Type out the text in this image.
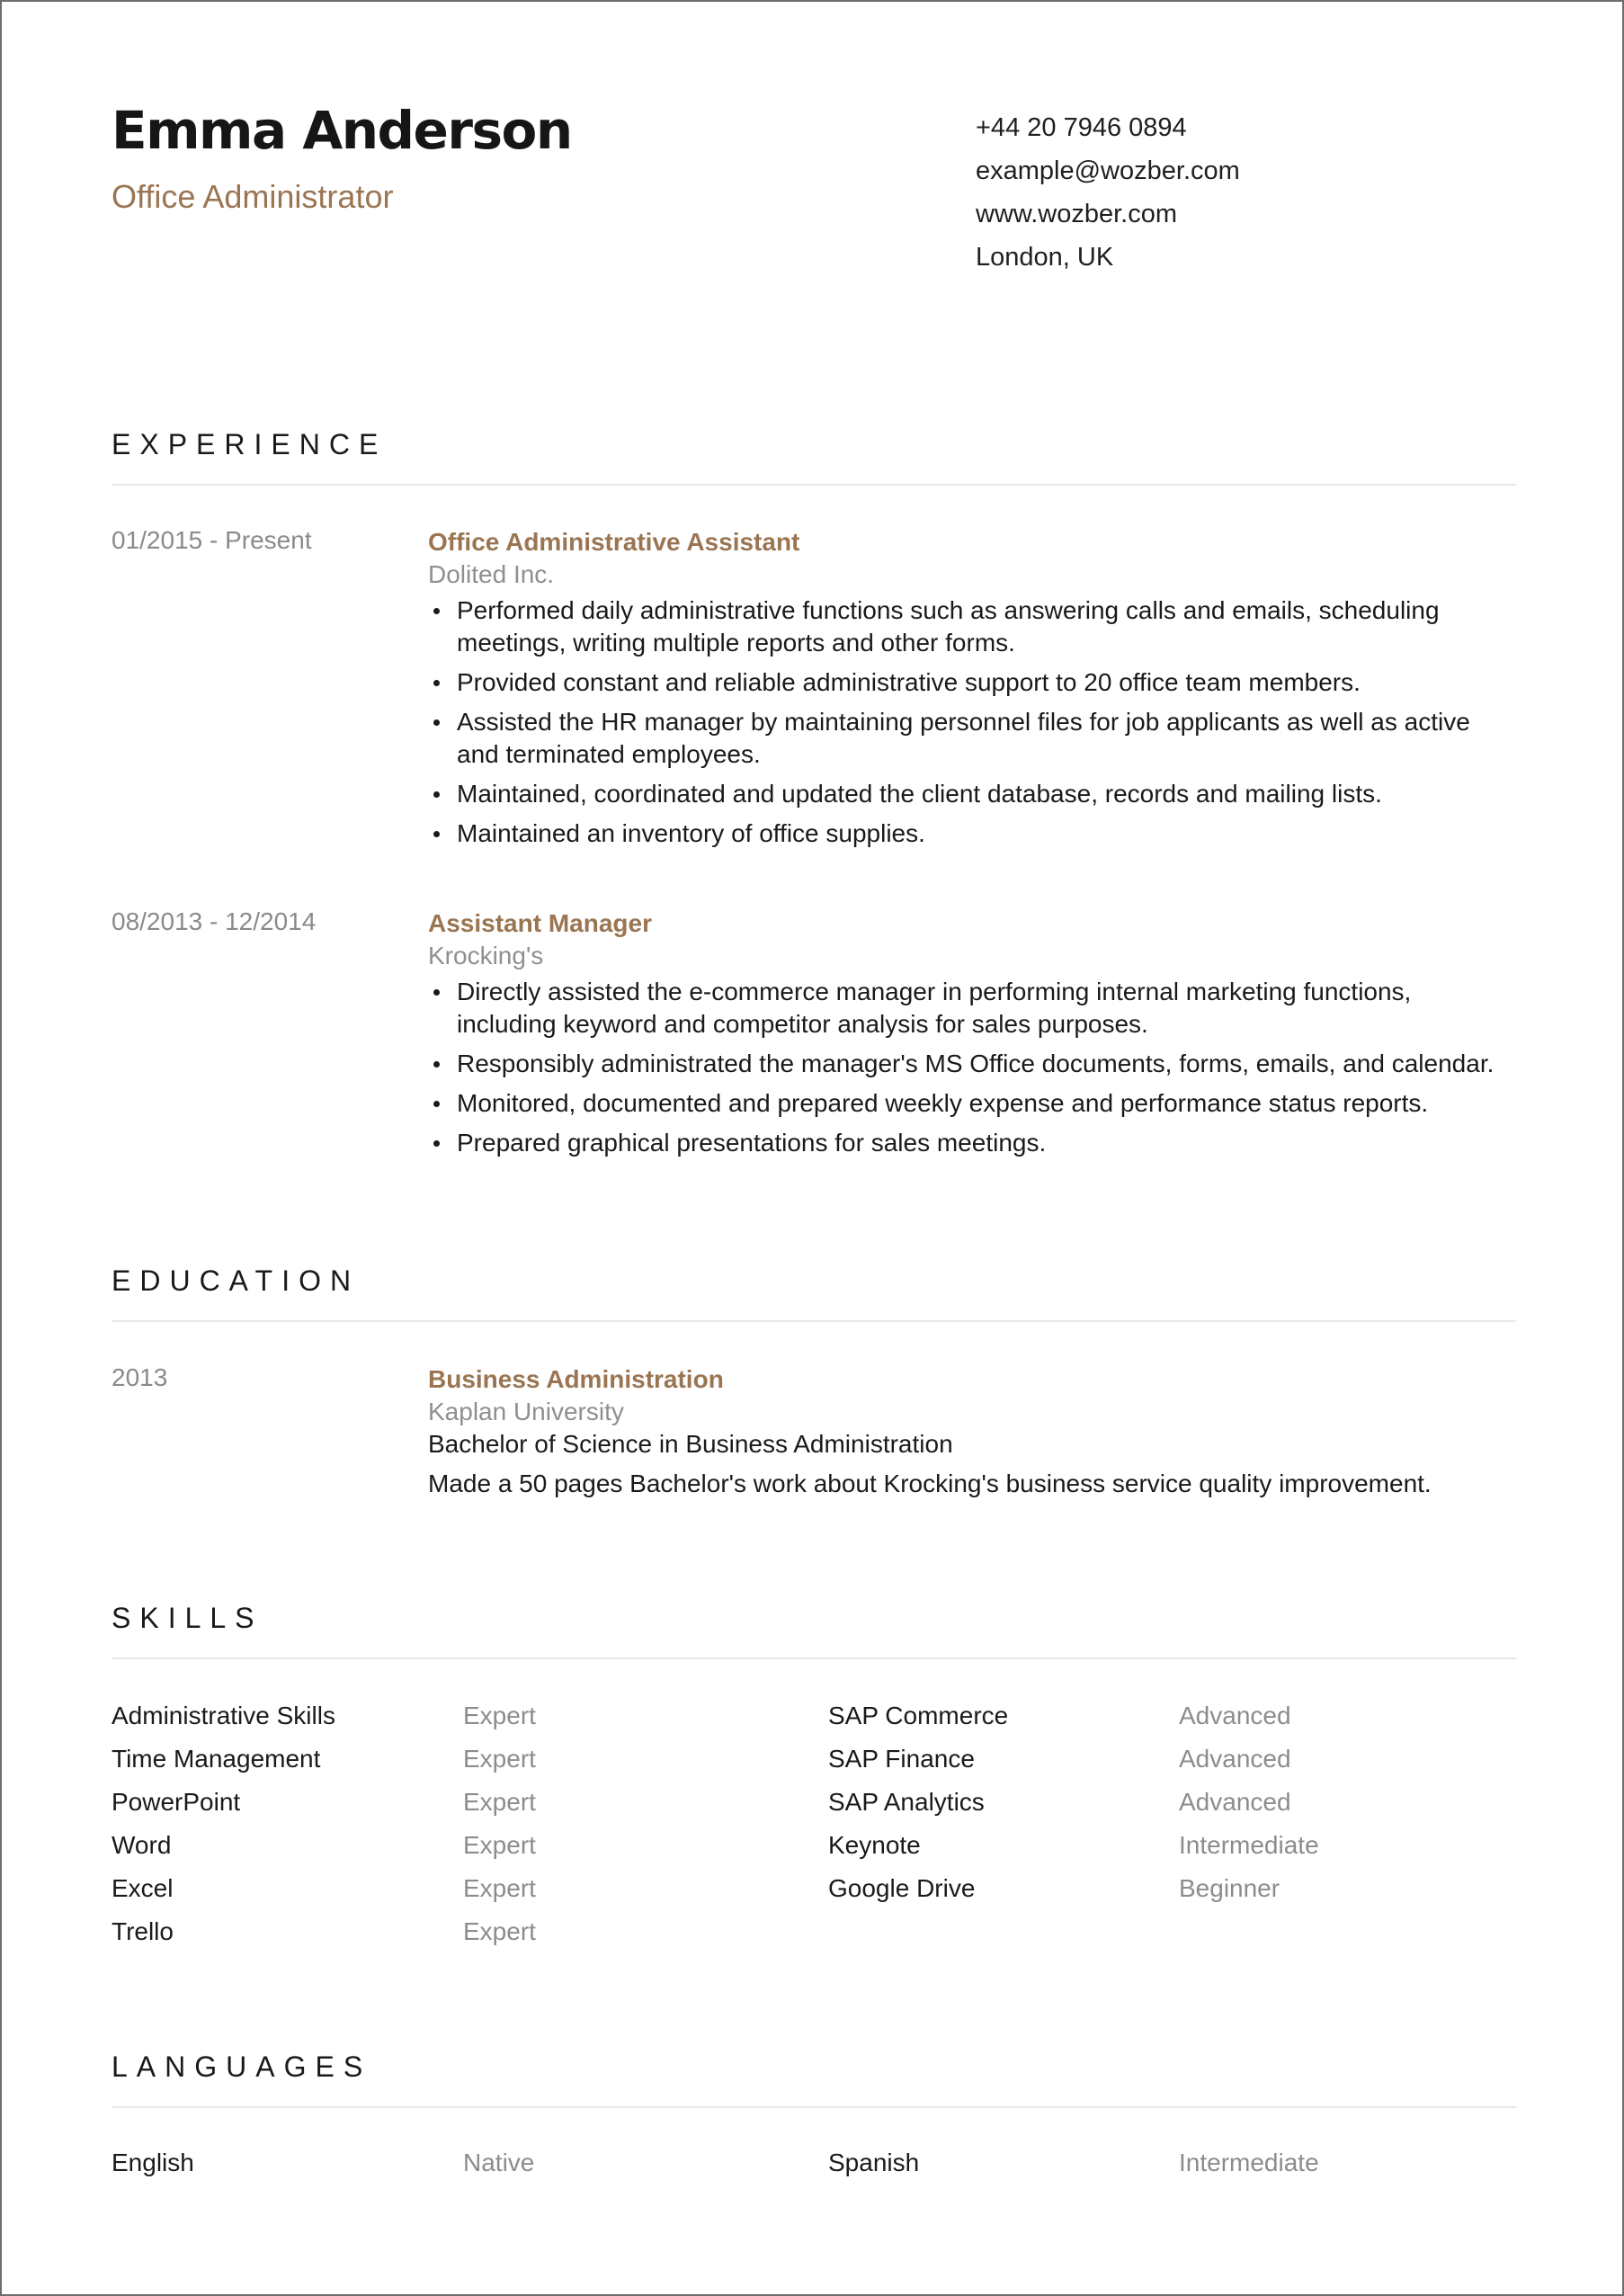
Emma Anderson
Office Administrator
+44 20 7946 0894
example@wozber.com
www.wozber.com
London, UK
EXPERIENCE
01/2015 - Present	Office Administrative Assistant
Dolited Inc.
Performed daily administrative functions such as answering calls and emails, scheduling meetings, writing multiple reports and other forms.
Provided constant and reliable administrative support to 20 office team members.
Assisted the HR manager by maintaining personnel files for job applicants as well as active and terminated employees.
Maintained, coordinated and updated the client database, records and mailing lists.
Maintained an inventory of office supplies.
08/2013 - 12/2014	Assistant Manager
Krocking's
Directly assisted the e-commerce manager in performing internal marketing functions, including keyword and competitor analysis for sales purposes.
Responsibly administrated the manager's MS Office documents, forms, emails, and calendar.
Monitored, documented and prepared weekly expense and performance status reports.
Prepared graphical presentations for sales meetings.
EDUCATION
2013	Business Administration
Kaplan University
Bachelor of Science in Business Administration
Made a 50 pages Bachelor's work about Krocking's business service quality improvement.
SKILLS
Administrative Skills	Expert	SAP Commerce	Advanced
Time Management	Expert	SAP Finance	Advanced
PowerPoint	Expert	SAP Analytics	Advanced
Word	Expert	Keynote	Intermediate
Excel	Expert	Google Drive	Beginner
Trello	Expert
LANGUAGES
English	Native	Spanish	Intermediate
